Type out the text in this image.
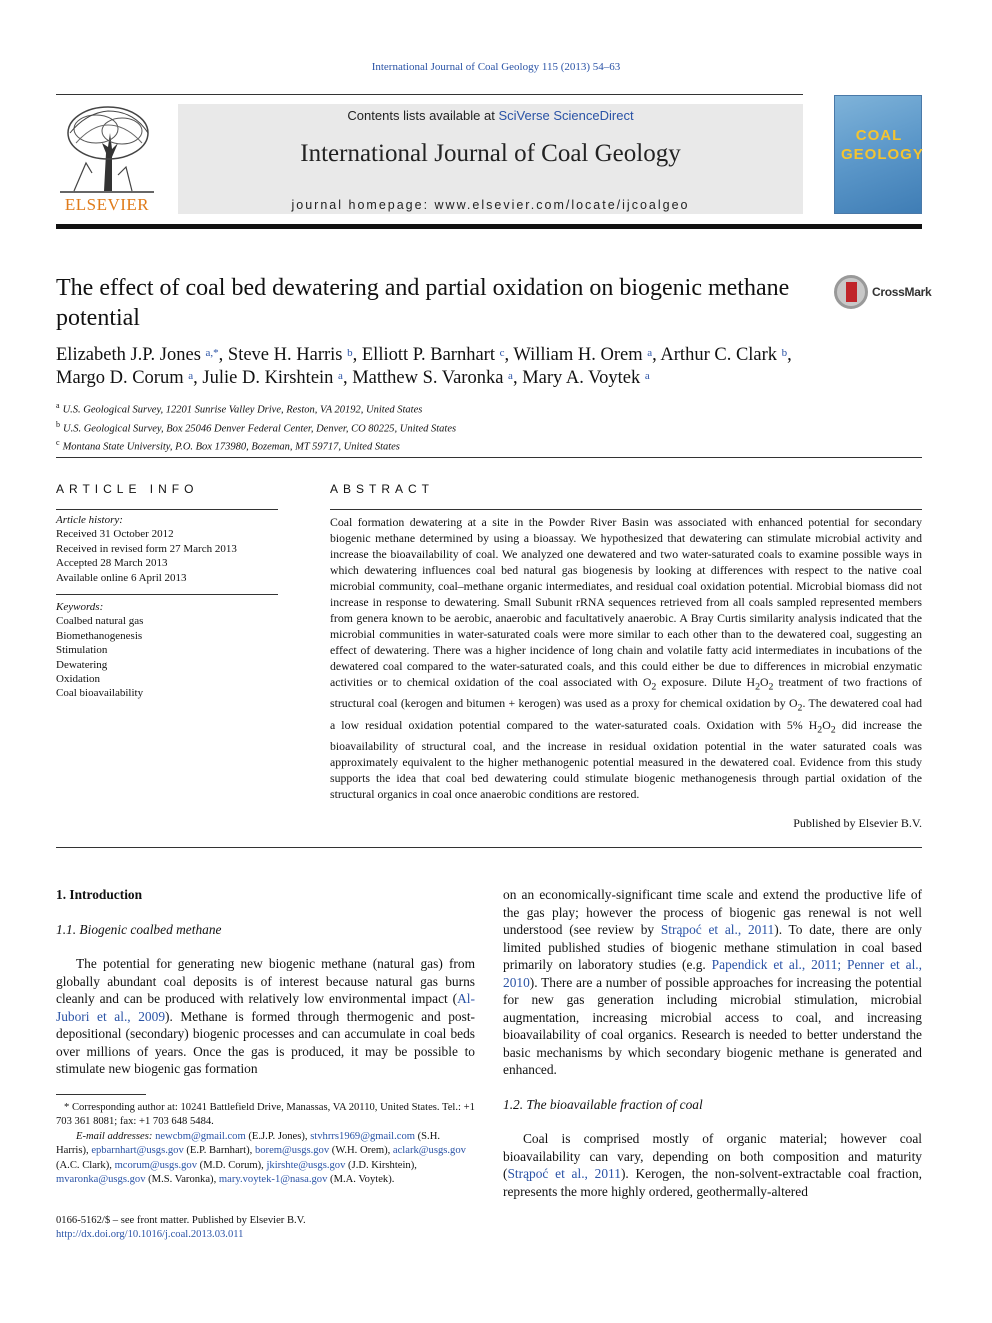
International Journal of Coal Geology 115 (2013) 54–63
ELSEVIER
Contents lists available at SciVerse ScienceDirect
International Journal of Coal Geology
journal homepage: www.elsevier.com/locate/ijcoalgeo
COAL GEOLOGY
The effect of coal bed dewatering and partial oxidation on biogenic methane potential
CrossMark
Elizabeth J.P. Jones $^{a,*}$, Steve H. Harris $^b$, Elliott P. Barnhart $^c$, William H. Orem $^a$, Arthur C. Clark $^b$,
Margo D. Corum $^a$, Julie D. Kirshtein $^a$, Matthew S. Varonka $^a$, Mary A. Voytek $^a$
$^a$ U.S. Geological Survey, 12201 Sunrise Valley Drive, Reston, VA 20192, United States
$^b$ U.S. Geological Survey, Box 25046 Denver Federal Center, Denver, CO 80225, United States
$^c$ Montana State University, P.O. Box 173980, Bozeman, MT 59717, United States
ARTICLE INFO
Article history:
Received 31 October 2012
Received in revised form 27 March 2013
Accepted 28 March 2013
Available online 6 April 2013
Keywords:
Coalbed natural gas
Biomethanogenesis
Stimulation
Dewatering
Oxidation
Coal bioavailability
ABSTRACT
Coal formation dewatering at a site in the Powder River Basin was associated with enhanced potential for secondary biogenic methane determined by using a bioassay. We hypothesized that dewatering can stimulate microbial activity and increase the bioavailability of coal. We analyzed one dewatered and two water-saturated coals to examine possible ways in which dewatering influences coal bed natural gas biogenesis by looking at differences with respect to the native coal microbial community, coal–methane organic intermediates, and residual coal oxidation potential. Microbial biomass did not increase in response to dewatering. Small Subunit rRNA sequences retrieved from all coals sampled represented members from genera known to be aerobic, anaerobic and facultatively anaerobic. A Bray Curtis similarity analysis indicated that the microbial communities in water-saturated coals were more similar to each other than to the dewatered coal, suggesting an effect of dewatering. There was a higher incidence of long chain and volatile fatty acid intermediates in incubations of the dewatered coal compared to the water-saturated coals, and this could either be due to differences in microbial enzymatic activities or to chemical oxidation of the coal associated with $O_2$ exposure. Dilute $H_2O_2$ treatment of two fractions of structural coal (kerogen and bitumen + kerogen) was used as a proxy for chemical oxidation by $O_2$. The dewatered coal had a low residual oxidation potential compared to the water-saturated coals. Oxidation with 5% $H_2O_2$ did increase the bioavailability of structural coal, and the increase in residual oxidation potential in the water saturated coals was approximately equivalent to the higher methanogenic potential measured in the dewatered coal. Evidence from this study supports the idea that coal bed dewatering could stimulate biogenic methanogenesis through partial oxidation of the structural organics in coal once anaerobic conditions are restored.
Published by Elsevier B.V.
1. Introduction
1.1. Biogenic coalbed methane

The potential for generating new biogenic methane (natural gas) from globally abundant coal deposits is of interest because natural gas burns cleanly and can be produced with relatively low environmental impact (Al-Jubori et al., 2009). Methane is formed through thermogenic and post-depositional (secondary) biogenic processes and can accumulate in coal beds over millions of years. Once the gas is produced, it may be possible to stimulate new biogenic gas formation

* Corresponding author at: 10241 Battlefield Drive, Manassas, VA 20110, United States. Tel.: +1 703 361 8081; fax: +1 703 648 5484.
E-mail addresses: newcbm@gmail.com (E.J.P. Jones), stvhrrs1969@gmail.com (S.H. Harris), epbarnhart@usgs.gov (E.P. Barnhart), borem@usgs.gov (W.H. Orem), aclark@usgs.gov (A.C. Clark), mcorum@usgs.gov (M.D. Corum), jkirshte@usgs.gov (J.D. Kirshtein), mvaronka@usgs.gov (M.S. Varonka), mary.voytek-1@nasa.gov (M.A. Voytek).
0166-5162/$ – see front matter. Published by Elsevier B.V.
http://dx.doi.org/10.1016/j.coal.2013.03.011

on an economically-significant time scale and extend the productive life of the gas play; however the process of biogenic gas renewal is not well understood (see review by Strąpoć et al., 2011). To date, there are only limited published studies of biogenic methane stimulation in coal based primarily on laboratory studies (e.g. Papendick et al., 2011; Penner et al., 2010). There are a number of possible approaches for increasing the potential for new gas generation including microbial stimulation, microbial augmentation, increasing microbial access to coal, and increasing bioavailability of coal organics. Research is needed to better understand the basic mechanisms by which secondary biogenic methane is generated and enhanced.

1.2. The bioavailable fraction of coal

Coal is comprised mostly of organic material; however coal bioavailability can vary, depending on both composition and maturity (Strąpoć et al., 2011). Kerogen, the non-solvent-extractable coal fraction, represents the more highly ordered, geothermally-altered
